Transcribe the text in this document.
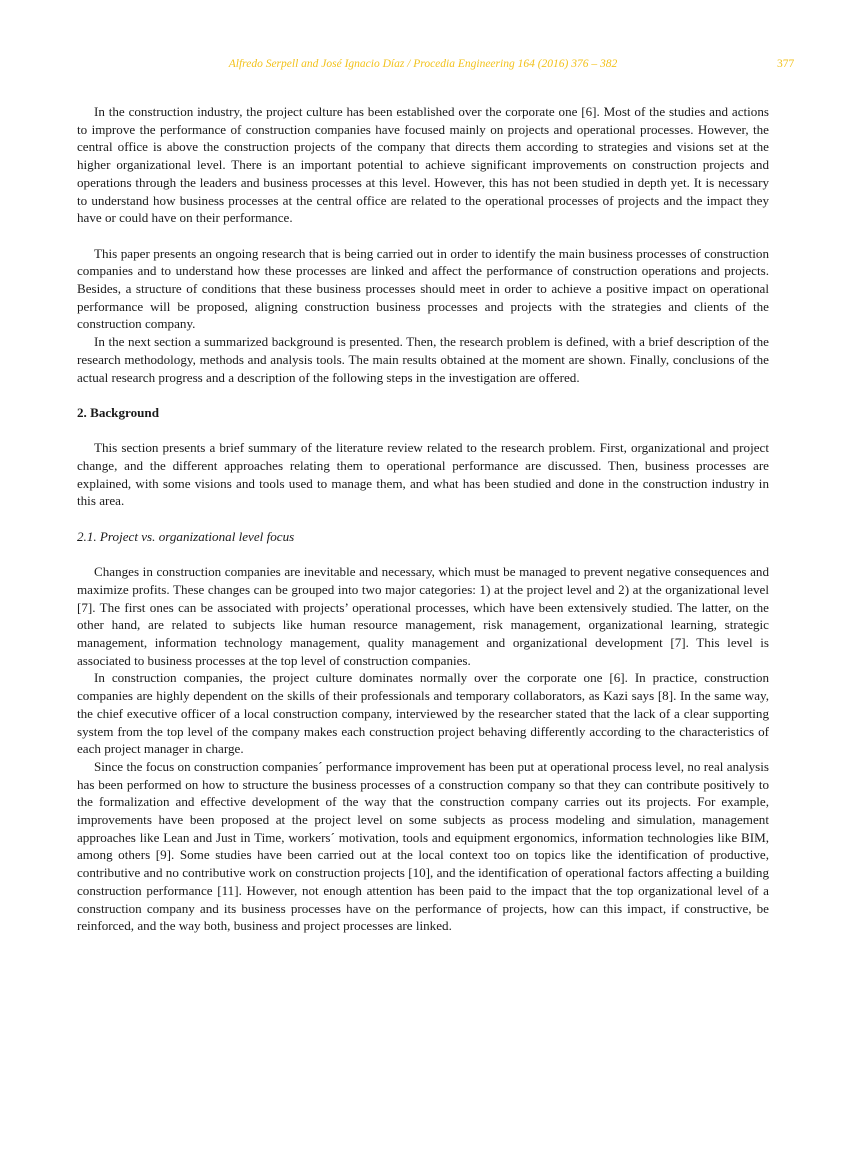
Alfredo Serpell and José Ignacio Díaz / Procedia Engineering 164 (2016) 376 – 382	377

In the construction industry, the project culture has been established over the corporate one [6]. Most of the studies and actions to improve the performance of construction companies have focused mainly on projects and operational processes. However, the central office is above the construction projects of the company that directs them according to strategies and visions set at the higher organizational level. There is an important potential to achieve significant improvements on construction projects and operations through the leaders and business processes at this level. However, this has not been studied in depth yet. It is necessary to understand how business processes at the central office are related to the operational processes of projects and the impact they have or could have on their performance.

This paper presents an ongoing research that is being carried out in order to identify the main business processes of construction companies and to understand how these processes are linked and affect the performance of construction operations and projects. Besides, a structure of conditions that these business processes should meet in order to achieve a positive impact on operational performance will be proposed, aligning construction business processes and projects with the strategies and clients of the construction company.

In the next section a summarized background is presented. Then, the research problem is defined, with a brief description of the research methodology, methods and analysis tools. The main results obtained at the moment are shown. Finally, conclusions of the actual research progress and a description of the following steps in the investigation are offered.

2. Background

This section presents a brief summary of the literature review related to the research problem. First, organizational and project change, and the different approaches relating them to operational performance are discussed. Then, business processes are explained, with some visions and tools used to manage them, and what has been studied and done in the construction industry in this area.

2.1. Project vs. organizational level focus

Changes in construction companies are inevitable and necessary, which must be managed to prevent negative consequences and maximize profits. These changes can be grouped into two major categories: 1) at the project level and 2) at the organizational level [7]. The first ones can be associated with projects’ operational processes, which have been extensively studied. The latter, on the other hand, are related to subjects like human resource management, risk management, organizational learning, strategic management, information technology management, quality management and organizational development [7]. This level is associated to business processes at the top level of construction companies.

In construction companies, the project culture dominates normally over the corporate one [6]. In practice, construction companies are highly dependent on the skills of their professionals and temporary collaborators, as Kazi says [8]. In the same way, the chief executive officer of a local construction company, interviewed by the researcher stated that the lack of a clear supporting system from the top level of the company makes each construction project behaving differently according to the characteristics of each project manager in charge.

Since the focus on construction companies´ performance improvement has been put at operational process level, no real analysis has been performed on how to structure the business processes of a construction company so that they can contribute positively to the formalization and effective development of the way that the construction company carries out its projects. For example, improvements have been proposed at the project level on some subjects as process modeling and simulation, management approaches like Lean and Just in Time, workers´ motivation, tools and equipment ergonomics, information technologies like BIM, among others [9]. Some studies have been carried out at the local context too on topics like the identification of productive, contributive and no contributive work on construction projects [10], and the identification of operational factors affecting a building construction performance [11]. However, not enough attention has been paid to the impact that the top organizational level of a construction company and its business processes have on the performance of projects, how can this impact, if constructive, be reinforced, and the way both, business and project processes are linked.
